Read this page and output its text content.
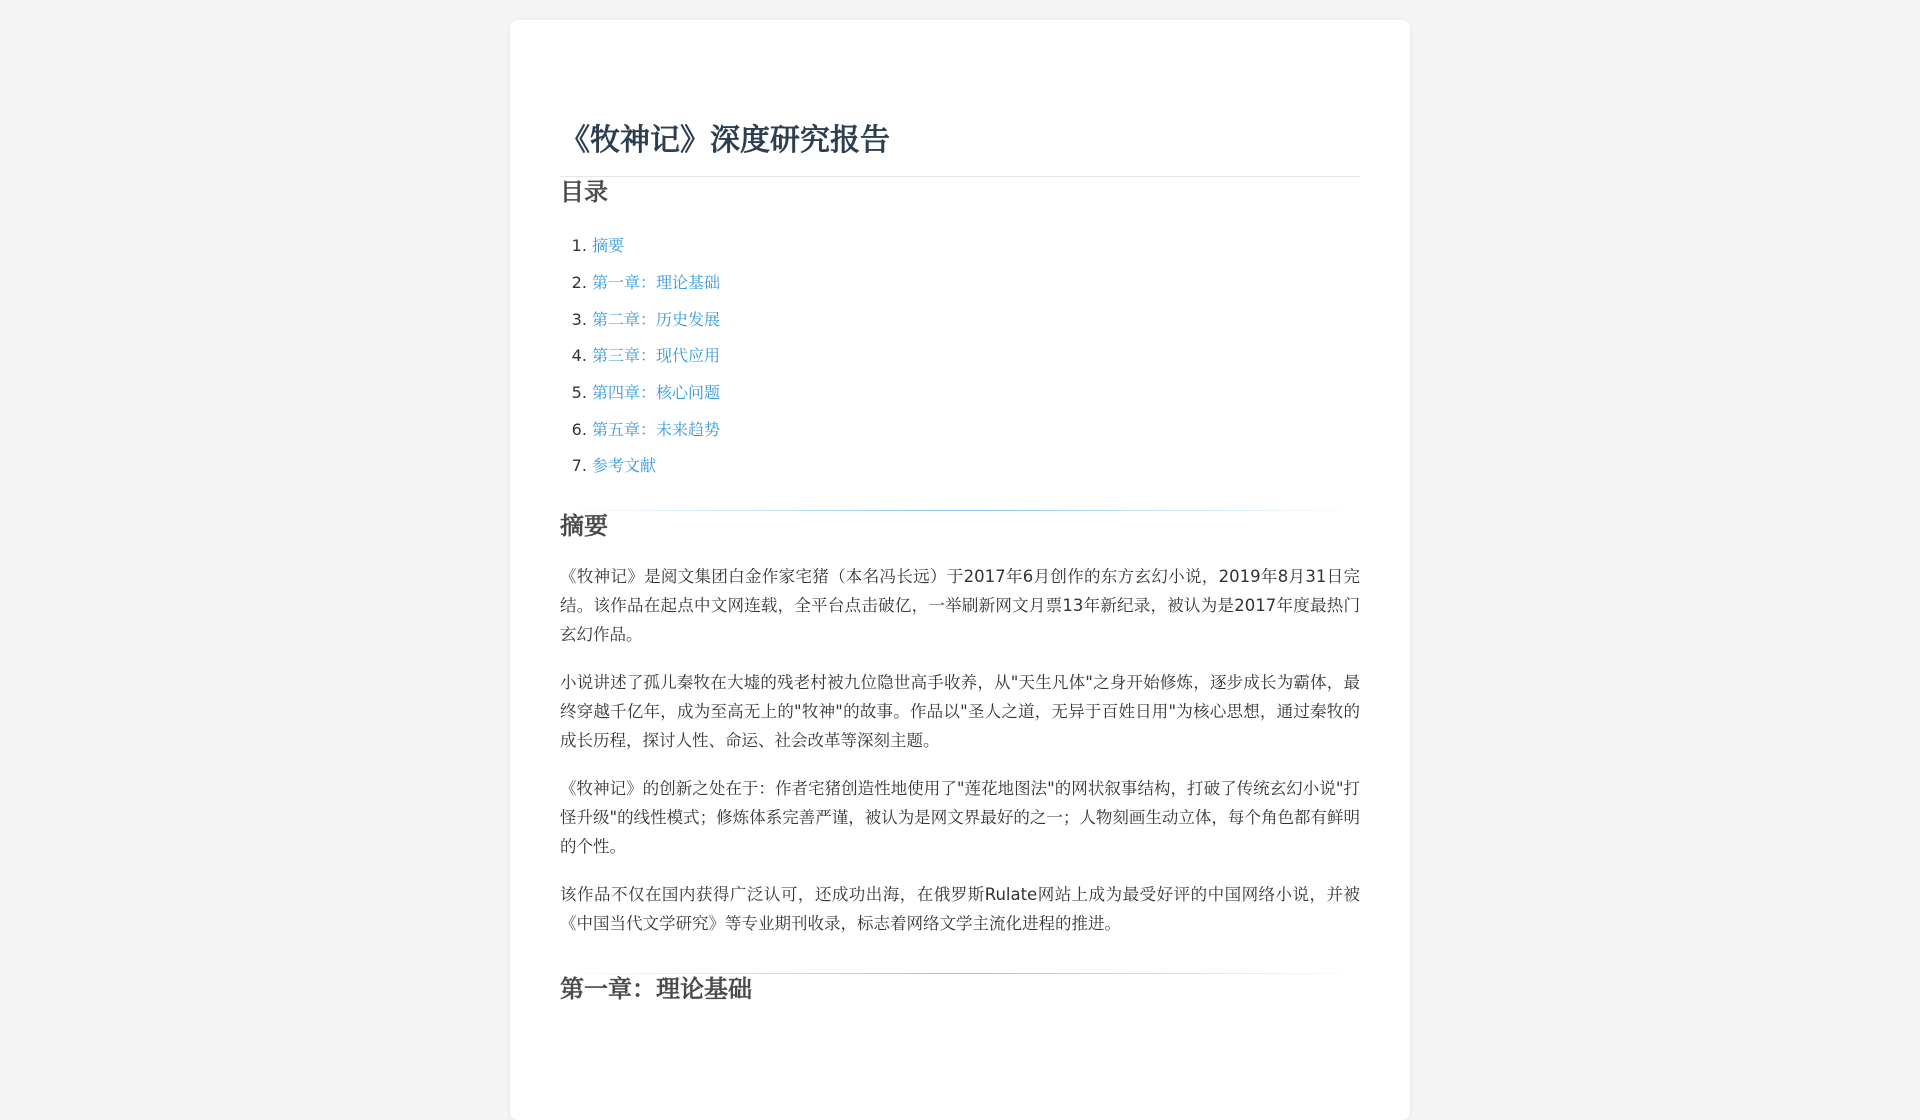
《牧神记》深度研究报告
目录
1. 摘要
2. 第一章：理论基础
3. 第二章：历史发展
4. 第三章：现代应用
5. 第四章：核心问题
6. 第五章：未来趋势
7. 参考文献
摘要

《牧神记》是阅文集团白金作家宅猪（本名冯长远）于2017年6月创作的东方玄幻小说，2019年8月31日完结。该作品在起点中文网连载，全平台点击破亿，一举刷新网文月票13年新纪录，被认为是2017年度最热门玄幻作品。

小说讲述了孤儿秦牧在大墟的残老村被九位隐世高手收养，从"天生凡体"之身开始修炼，逐步成长为霸体，最终穿越千亿年，成为至高无上的"牧神"的故事。作品以"圣人之道，无异于百姓日用"为核心思想，通过秦牧的成长历程，探讨人性、命运、社会改革等深刻主题。

《牧神记》的创新之处在于：作者宅猪创造性地使用了"莲花地图法"的网状叙事结构，打破了传统玄幻小说"打怪升级"的线性模式；修炼体系完善严谨，被认为是网文界最好的之一；人物刻画生动立体，每个角色都有鲜明的个性。

该作品不仅在国内获得广泛认可，还成功出海，在俄罗斯Rulate网站上成为最受好评的中国网络小说，并被《中国当代文学研究》等专业期刊收录，标志着网络文学主流化进程的推进。

第一章：理论基础
